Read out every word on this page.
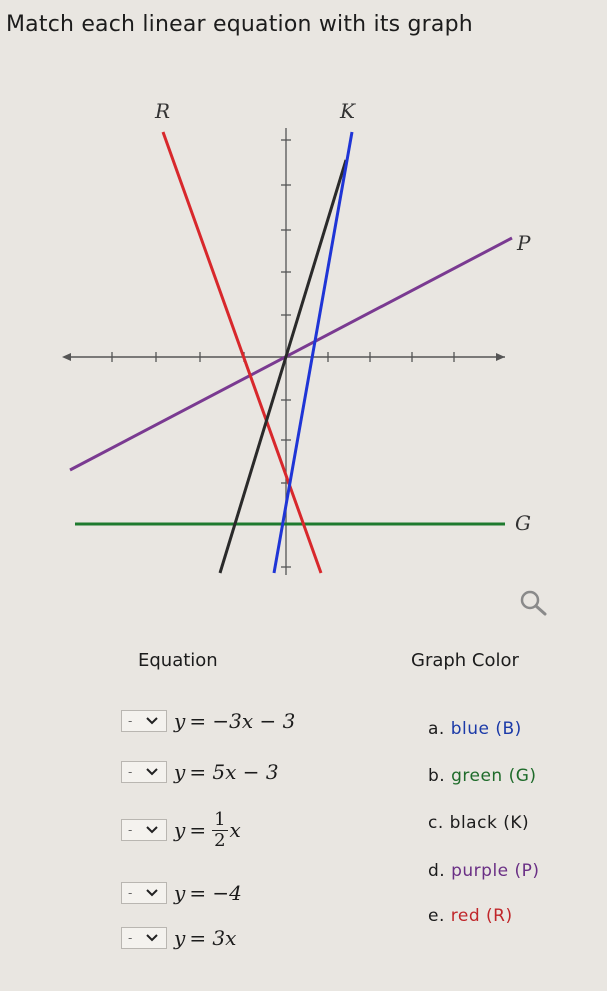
Match each linear equation with its graph
R	K
P
G
Equation	Graph Color
- y
  = −3x − 3
- y
  = 5x − 3
- y
  =
  $\frac{1}{2}$ x
- y
  = −4
- y
  = 3x
a. blue (B)
b. green (G)
c. black (K)
d. purple (P)
e. red (R)
